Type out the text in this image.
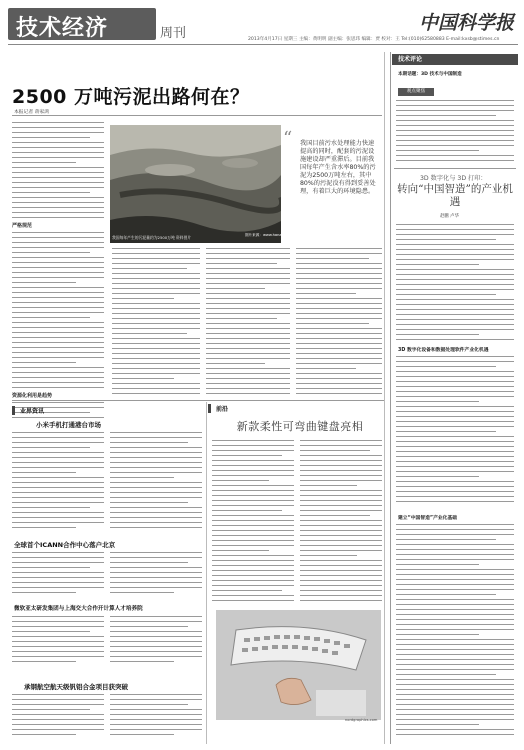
技术经济	周刊	中国科学报
2013年4月17日 星期三 主编：黄明明 副主编：张思玮 编辑：贾 校对：王 Tel:(010)62580883 E-mail:kxsb@stimes.cn
2500 万吨污泥出路何在？
本报记者 蒋家鸿
严格规范
资源化利用是趋势
我国每年产生的污泥量约为2500万吨 资料图片	图片来源：www.hanzi.com
“ 我国目前污水处理能力快速提高的同时，配套的污泥设施建设却严重滞后。目前我国每年产生含水率80%的污泥为2500万吨左右，其中80%的污泥没有得到妥善处理，有着巨大的环境隐患。
业界资讯
小米手机打通港台市场
全球首个ICANN合作中心落户北京
微软亚太研发集团与上海交大合作开计算人才培养院
承钢航空航天级钒铝合金项目获突破
前沿
新款柔性可弯曲键盘亮相
nordgraphics.com
技术评论
本期话题：3D 技术与中国制造
观点聚焦
3D 数字化与 3D 打印：
转向“中国智造”的产业机遇
赵鹏 卢华
3D 数字化设备和数据处理软件产业化机遇
建立“中国智造”产业化基础
